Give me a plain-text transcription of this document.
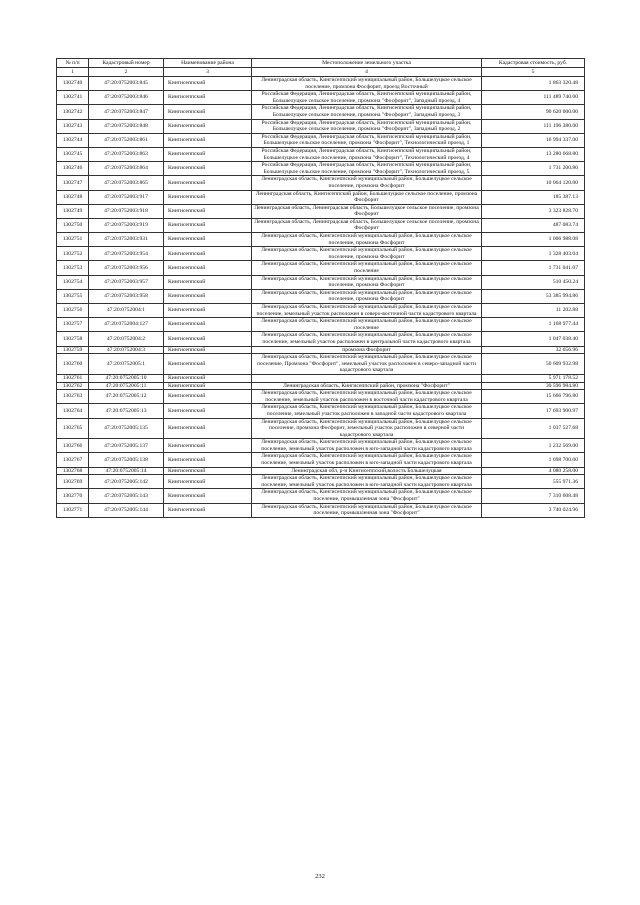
№ п/п	Кадастровый номер	Наименование района	Местоположение земельного участка	Кадастровая стоимость, руб.
1	2	3	4	5
1302740	47:20:0752003:845	Кингисеппский	Ленинградская область, Кингисеппский муниципальный район, Большелуцкое сельское поселение, промзона Фосфорит, проезд Восточный	1 863 320.48
1302741	47:20:0752003:846	Кингисеппский	Российская Федерация, Ленинградская область, Кингисеппский муниципальный район, Большелуцкое сельское поселение, промзона "Фосфорит", Западный проезд, 4	111 489 740.00
1302742	47:20:0752003:847	Кингисеппский	Российская Федерация, Ленинградская область, Кингисеппский муниципальный район, Большелуцкое сельское поселение, промзона "Фосфорит", Западный проезд, 3	90 620 000.00
1302743	47:20:0752003:848	Кингисеппский	Российская Федерация, Ленинградская область, Кингисеппский муниципальный район, Большелуцкое сельское поселение, промзона "Фосфорит", Западный проезд, 2	111 196 380.00
1302744	47:20:0752003:861	Кингисеппский	Российская Федерация, Ленинградская область, Кингисеппский муниципальный район, Большелуцкое сельское поселение, промзона "Фосфорит", Технологический проезд, 1	16 994 337.00
1302745	47:20:0752003:863	Кингисеппский	Российская Федерация, Ленинградская область, Кингисеппский муниципальный район, Большелуцкое сельское поселение, промзона "Фосфорит", Технологический проезд, 4	13 280 668.80
1302746	47:20:0752003:864	Кингисеппский	Российская Федерация, Ленинградская область, Кингисеппский муниципальный район, Большелуцкое сельское поселение, промзона "Фосфорит", Технологический проезд, 5	1 731 200.80
1302747	47:20:0752003:865	Кингисеппский	Ленинградская область, Кингисеппский муниципальный район, Большелуцкое сельское поселение, промзона Фосфорит	10 064 120.00
1302748	47:20:0752003:917	Кингисеппский	Ленинградская область, Кингисеппский район, Большелуцкое сельское поселение, промзона Фосфорит	185 387.13
1302749	47:20:0752003:918	Кингисеппский	Ленинградская область, Ленинградская область, Большелуцкое сельское поселение, промзона Фосфорит	3 323 828.70
1302750	47:20:0752003:919	Кингисеппский	Ленинградская область, Ленинградская область, Большелуцкое сельское поселение, промзона Фосфорит	487 083.74
1302751	47:20:0752003:931	Кингисеппский	Ленинградская область, Кингисеппский муниципальный район, Большелуцкое сельское поселение, промзона Фосфорит	1 006 988.08
1302752	47:20:0752003:954	Кингисеппский	Ленинградская область, Кингисеппский муниципальный район, Большелуцкое сельское поселение, промзона Фосфорит	1 328 403.04
1302753	47:20:0752003:956	Кингисеппский	Ленинградская область, Кингисеппский муниципальный район, Большелуцкое сельское поселение	1 731 041.07
1302754	47:20:0752003:957	Кингисеппский	Ленинградская область, Кингисеппский муниципальный район, Большелуцкое сельское поселение, промзона Фосфорит	510 450.24
1302755	47:20:0752003:958	Кингисеппский	Ленинградская область, Кингисеппский муниципальный район, Большелуцкое сельское поселение, промзона Фосфорит	53 385 994.86
1302756	47:20:0752004:1	Кингисеппский	Ленинградская область, Кингисеппский муниципальный район, Большелуцкое сельское поселение, земельный участок расположен в северо-восточной части кадастрового квартала	11 202.88
1302757	47:20:0752004:127	Кингисеппский	Ленинградская область, Кингисеппский муниципальный район, Большелуцкое сельское поселение	1 168 977.44
1302758	47:20:0752004:2	Кингисеппский	Ленинградская область, Кингисеппский муниципальный район, Большелуцкое сельское поселение, земельный участок расположен в центральной части кадастрового квартала	1 047 038.40
1302759	47:20:0752004:3	Кингисеппский	промзона Фосфорит	32 656.96
1302760	47:20:0752005:1	Кингисеппский	Ленинградская область, Кингисеппский муниципальный район, Большелуцкое сельское поселение, Промзона "Фосфорит", земельный участок расположен в северо-западной части кадастрового квартала	50 609 932.98
1302761	47:20:0752005:10	Кингисеппский		5 971 178.52
1302762	47:20:0752005:11	Кингисеппский	Ленинградская область, Кингисеппский район, промзона "Фосфорит"	30 596 984.80
1302763	47:20:0752005:12	Кингисеппский	Ленинградская область, Кингисеппский муниципальный район, Большелуцкое сельское поселение, земельный участок расположен в восточной части кадастрового квартала	15 666 796.80
1302764	47:20:0752005:13	Кингисеппский	Ленинградская область, Кингисеппский муниципальный район, Большелуцкое сельское поселение, земельный участок расположен в западной части кадастрового квартала	17 693 900.97
1302765	47:20:0752005:135	Кингисеппский	Ленинградская область, Кингисеппский муниципальный район, Большелуцкое сельское поселение, промзона Фосфорит, земельный участок расположен в северной части кадастрового квартала	1 037 527.68
1302766	47:20:0752005:137	Кингисеппский	Ленинградская область, Кингисеппский муниципальный район, Большелуцкое сельское поселение, земельный участок расположен в юго-западной части кадастрового квартала	1 232 569.00
1302767	47:20:0752005:138	Кингисеппский	Ленинградская область, Кингисеппский муниципальный район, Большелуцкое сельское поселение, земельный участок расположен в юго-западной части кадастрового квартала	1 698 700.00
1302768	47:20:0752005:14	Кингисеппский	Ленинградская обл, р-н Кингисеппский,волость Большелуцкая	4 080 258.00
1302769	47:20:0752005:142	Кингисеппский	Ленинградская область, Кингисеппский муниципальный район, Большелуцкое сельское поселение, земельный участок расположен в юго-западной части кадастрового квартала	555 971.36
1302770	47:20:0752005:143	Кингисеппский	Ленинградская область, Кингисеппский муниципальный район, Большелуцкое сельское поселение, промышленная зона "Фосфорит"	7 310 608.48
1302771	47:20:0752005:144	Кингисеппский	Ленинградская область, Кингисеппский муниципальный район, Большелуцкое сельское поселение, промышленная зона "Фосфорит"	3 740 024.96
232
